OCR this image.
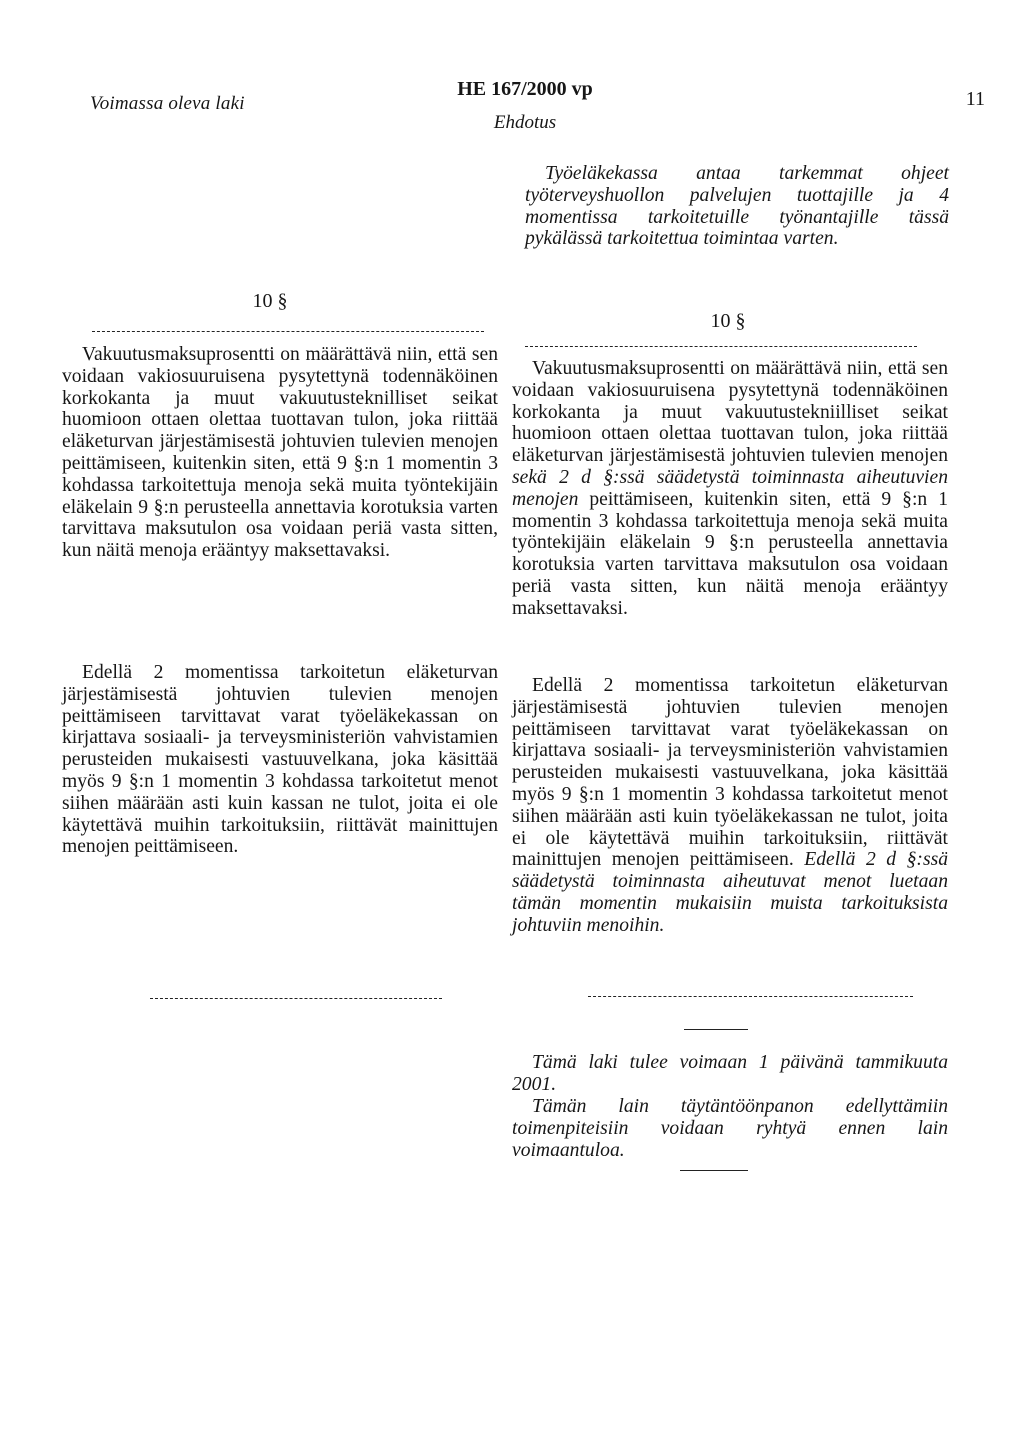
Voimassa oleva laki
HE 167/2000 vp
Ehdotus
11

Työeläkekassa antaa tarkemmat ohjeet työterveyshuollon palvelujen tuottajille ja 4 momentissa tarkoitetuille työnantajille tässä pykälässä tarkoitettua toimintaa varten.

10 §

Vakuutusmaksuprosentti on määrättävä niin, että sen voidaan vakiosuuruisena pysytettynä todennäköinen korkokanta ja muut vakuutusteknilliset seikat huomioon ottaen olettaa tuottavan tulon, joka riittää eläketurvan järjestämisestä johtuvien tulevien menojen peittämiseen, kuitenkin siten, että 9 §:n 1 momentin 3 kohdassa tarkoitettuja menoja sekä muita työntekijäin eläkelain 9 §:n perusteella annettavia korotuksia varten tarvittava maksutulon osa voidaan periä vasta sitten, kun näitä menoja erääntyy maksettavaksi.

Edellä 2 momentissa tarkoitetun eläketurvan järjestämisestä johtuvien tulevien menojen peittämiseen tarvittavat varat työeläkekassan on kirjattava sosiaali- ja terveysministeriön vahvistamien perusteiden mukaisesti vastuuvelkana, joka käsittää myös 9 §:n 1 momentin 3 kohdassa tarkoitetut menot siihen määrään asti kuin kassan ne tulot, joita ei ole käytettävä muihin tarkoituksiin, riittävät mainittujen menojen peittämiseen.

10 §

Vakuutusmaksuprosentti on määrättävä niin, että sen voidaan vakiosuuruisena pysytettynä todennäköinen korkokanta ja muut vakuutustekniilliset seikat huomioon ottaen olettaa tuottavan tulon, joka riittää eläketurvan järjestämisestä johtuvien tulevien menojen sekä 2 d §:ssä säädetystä toiminnasta aiheutuvien menojen peittämiseen, kuitenkin siten, että 9 §:n 1 momentin 3 kohdassa tarkoitettuja menoja sekä muita työntekijäin eläkelain 9 §:n perusteella annettavia korotuksia varten tarvittava maksutulon osa voidaan periä vasta sitten, kun näitä menoja erääntyy maksettavaksi.

Edellä 2 momentissa tarkoitetun eläketurvan järjestämisestä johtuvien tulevien menojen peittämiseen tarvittavat varat työeläkekassan on kirjattava sosiaali- ja terveysministeriön vahvistamien perusteiden mukaisesti vastuuvelkana, joka käsittää myös 9 §:n 1 momentin 3 kohdassa tarkoitetut menot siihen määrään asti kuin työeläkekassan ne tulot, joita ei ole käytettävä muihin tarkoituksiin, riittävät mainittujen menojen peittämiseen. Edellä 2 d §:ssä säädetystä toiminnasta aiheutuvat menot luetaan tämän momentin mukaisiin muista tarkoituksista johtuviin menoihin.

Tämä laki tulee voimaan 1 päivänä tammikuuta 2001.

Tämän lain täytäntöönpanon edellyttämiin toimenpiteisiin voidaan ryhtyä ennen lain voimaantuloa.
